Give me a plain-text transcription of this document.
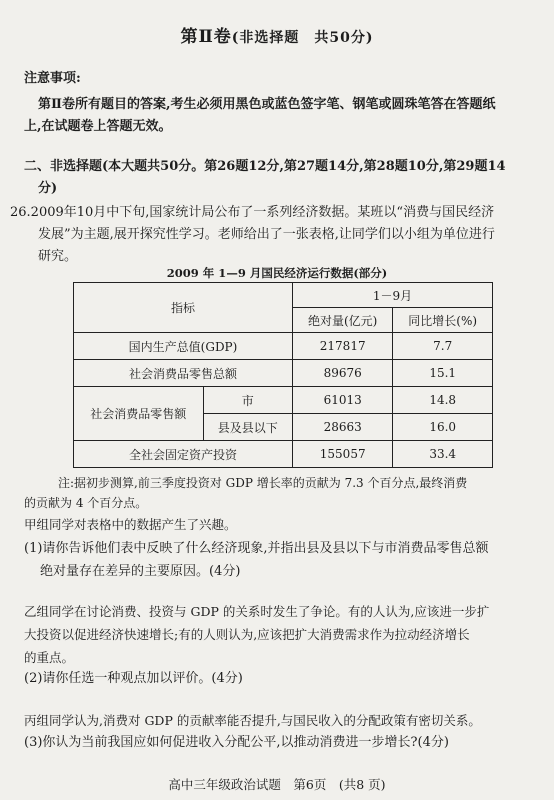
第Ⅱ卷(非选择题　共50分)
注意事项:
第Ⅱ卷所有题目的答案,考生必须用黑色或蓝色签字笔、钢笔或圆珠笔答在答题纸
上,在试题卷上答题无效。
二、非选择题(本大题共50分。第26题12分,第27题14分,第28题10分,第29题14
分)
26.2009年10月中下旬,国家统计局公布了一系列经济数据。某班以“消费与国民经济
发展”为主题,展开探究性学习。老师给出了一张表格,让同学们以小组为单位进行
研究。
2009 年 1—9 月国民经济运行数据(部分)
指标		1－9月	
		绝对量(亿元)	同比增长(%)
国内生产总值(GDP)		217817	7.7
社会消费品零售总额		89676	15.1
社会消费品零售额	市	61013	14.8
	县及县以下	28663	16.0
全社会固定资产投资		155057	33.4
注:据初步测算,前三季度投资对 GDP 增长率的贡献为 7.3 个百分点,最终消费
的贡献为 4 个百分点。
甲组同学对表格中的数据产生了兴趣。
(1)请你告诉他们表中反映了什么经济现象,并指出县及县以下与市消费品零售总额
绝对量存在差异的主要原因。(4分)
乙组同学在讨论消费、投资与 GDP 的关系时发生了争论。有的人认为,应该进一步扩
大投资以促进经济快速增长;有的人则认为,应该把扩大消费需求作为拉动经济增长
的重点。
(2)请你任选一种观点加以评价。(4分)
丙组同学认为,消费对 GDP 的贡献率能否提升,与国民收入的分配政策有密切关系。
(3)你认为当前我国应如何促进收入分配公平,以推动消费进一步增长?(4分)
高中三年级政治试题　第6页　(共8 页)
